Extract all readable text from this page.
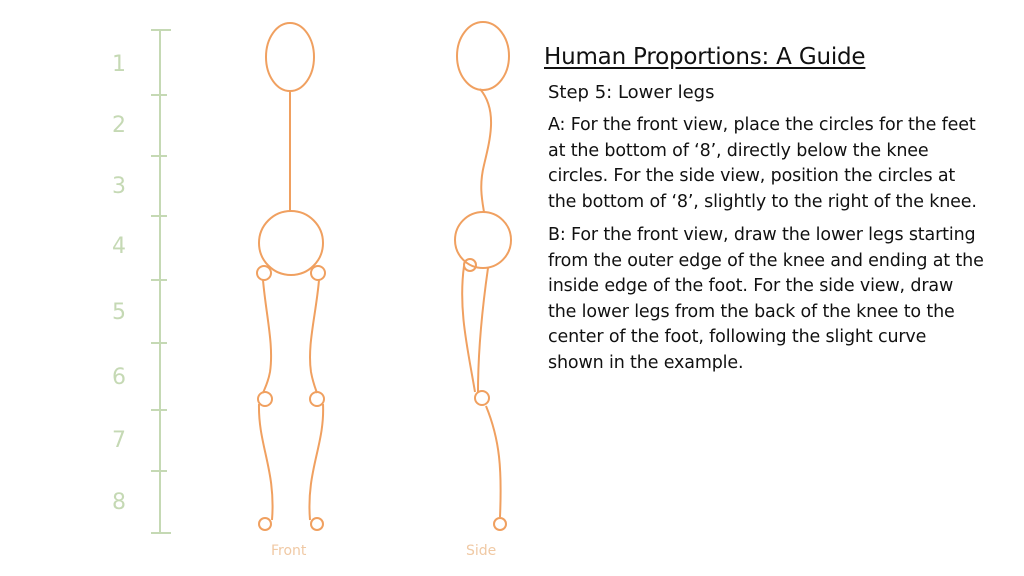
1
2
3
4
5
6
7
8
Front	Side
Human Proportions: A Guide
Step 5: Lower legs

A: For the front view, place the circles for the feet at the bottom of ‘8’, directly below the knee circles. For the side view, position the circles at the bottom of ‘8’, slightly to the right of the knee.

B: For the front view, draw the lower legs starting from the outer edge of the knee and ending at the inside edge of the foot. For the side view, draw the lower legs from the back of the knee to the center of the foot, following the slight curve shown in the example.
